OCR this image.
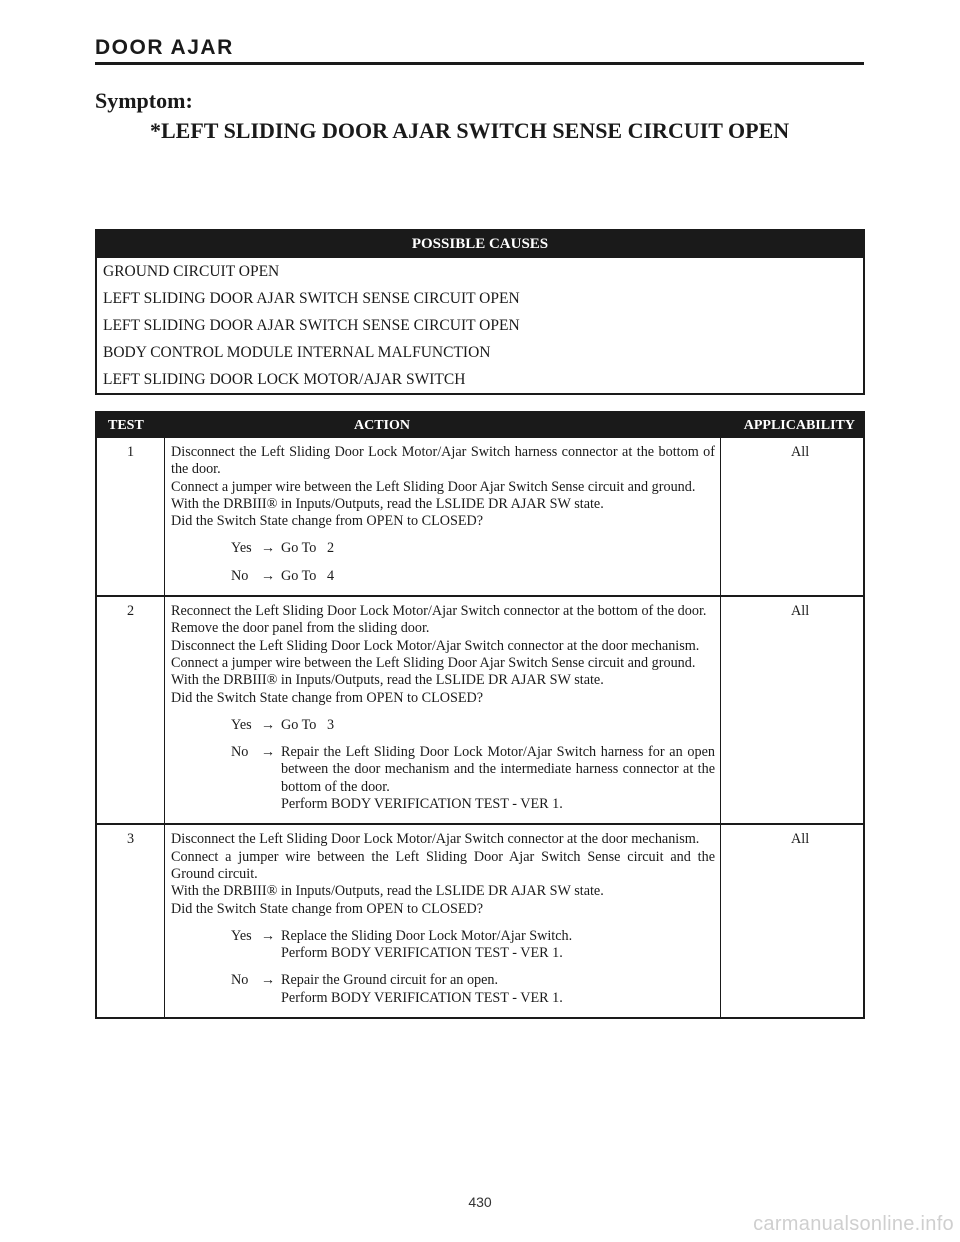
DOOR AJAR
Symptom:
*LEFT SLIDING DOOR AJAR SWITCH SENSE CIRCUIT OPEN
POSSIBLE CAUSES
GROUND CIRCUIT OPEN
LEFT SLIDING DOOR AJAR SWITCH SENSE CIRCUIT OPEN
LEFT SLIDING DOOR AJAR SWITCH SENSE CIRCUIT OPEN
BODY CONTROL MODULE INTERNAL MALFUNCTION
LEFT SLIDING DOOR LOCK MOTOR/AJAR SWITCH
TEST	ACTION	APPLICABILITY
1	Disconnect the Left Sliding Door Lock Motor/Ajar Switch harness connector at the bottom of the door.
Connect a jumper wire between the Left Sliding Door Ajar Switch Sense circuit and ground.
With the DRBIII® in Inputs/Outputs, read the LSLIDE DR AJAR SW state.
Did the Switch State change from OPEN to CLOSED?
Yes → Go To   2
No → Go To   4
All
2	Reconnect the Left Sliding Door Lock Motor/Ajar Switch connector at the bottom of the door.
Remove the door panel from the sliding door.
Disconnect the Left Sliding Door Lock Motor/Ajar Switch connector at the door mechanism.
Connect a jumper wire between the Left Sliding Door Ajar Switch Sense circuit and ground.
With the DRBIII® in Inputs/Outputs, read the LSLIDE DR AJAR SW state.
Did the Switch State change from OPEN to CLOSED?
Yes → Go To   3
No → Repair the Left Sliding Door Lock Motor/Ajar Switch harness for an open between the door mechanism and the intermediate harness connector at the bottom of the door.
Perform BODY VERIFICATION TEST - VER 1.
All
3	Disconnect the Left Sliding Door Lock Motor/Ajar Switch connector at the door mechanism.
Connect a jumper wire between the Left Sliding Door Ajar Switch Sense circuit and the Ground circuit.
With the DRBIII® in Inputs/Outputs, read the LSLIDE DR AJAR SW state.
Did the Switch State change from OPEN to CLOSED?
Yes → Replace the Sliding Door Lock Motor/Ajar Switch.
Perform BODY VERIFICATION TEST - VER 1.
No → Repair the Ground circuit for an open.
Perform BODY VERIFICATION TEST - VER 1.
All
430
carmanualsonline.info
